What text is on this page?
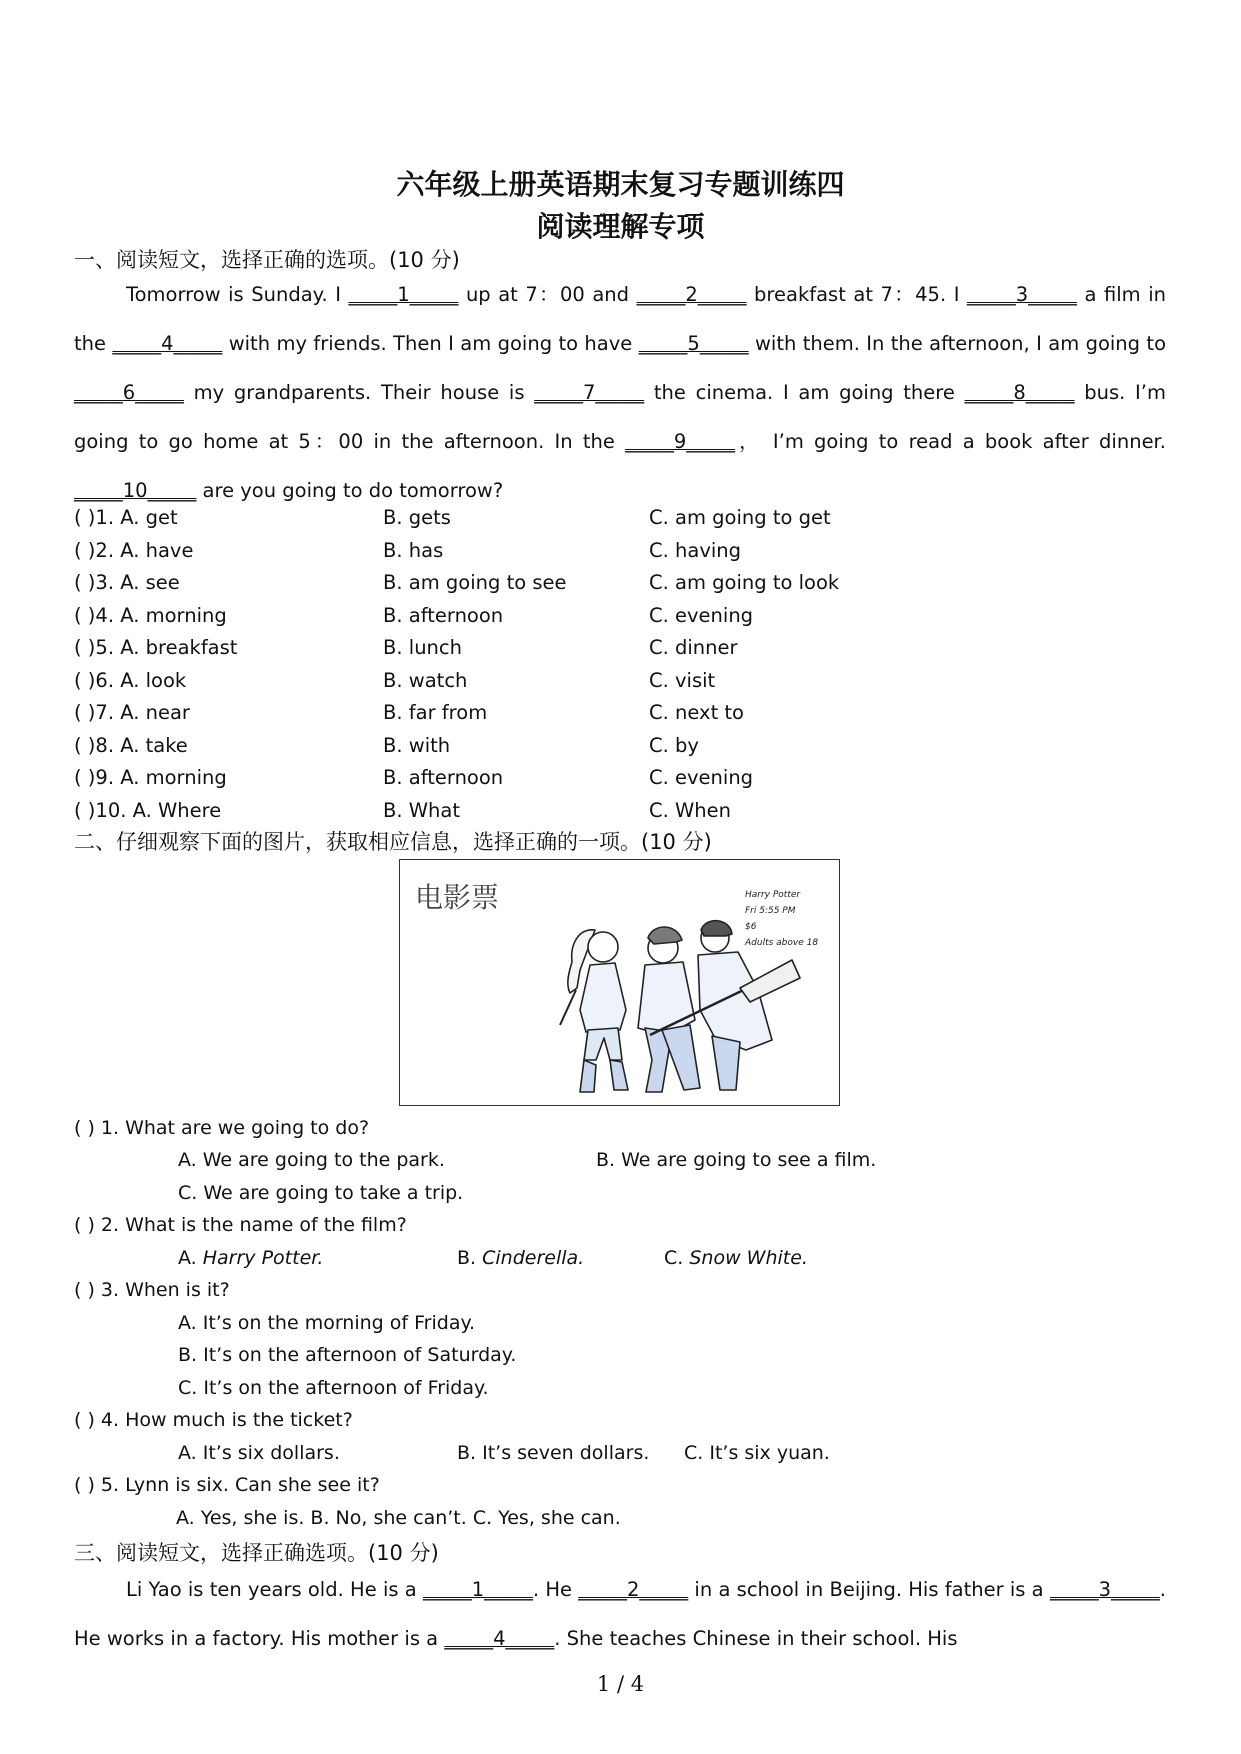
六年级上册英语期末复习专题训练四
阅读理解专项
一、阅读短文，选择正确的选项。(10 分)
Tomorrow is Sunday. I _____1_____ up at 7：00 and _____2_____ breakfast at 7：45. I _____3_____ a film in the _____4_____ with my friends. Then I am going to have _____5_____ with them. In the afternoon, I am going to _____6_____ my grandparents. Their house is _____7_____ the cinema. I am going there _____8_____ bus. I’m going to go home at 5：00 in the afternoon. In the _____9_____， I’m going to read a book after dinner. _____10_____ are you going to do tomorrow?
( )1. A. get	B. gets	C. am going to get
( )2. A. have	B. has	C. having
( )3. A. see	B. am going to see	C. am going to look
( )4. A. morning	B. afternoon	C. evening
( )5. A. breakfast	B. lunch	C. dinner
( )6. A. look	B. watch	C. visit
( )7. A. near	B. far from	C. next to
( )8. A. take	B. with	C. by
( )9. A. morning	B. afternoon	C. evening
( )10. A. Where	B. What	C. When
二、仔细观察下面的图片，获取相应信息，选择正确的一项。(10 分)
电影票	Harry Potter
Fri 5:55 PM
$6
Adults above 18
( ) 1. What are we going to do?
A. We are going to the park.	B. We are going to see a film.
C. We are going to take a trip.
( ) 2. What is the name of the film?
A. Harry Potter.	B. Cinderella.	C. Snow White.
( ) 3. When is it?
A. It’s on the morning of Friday.
B. It’s on the afternoon of Saturday.
C. It’s on the afternoon of Friday.
( ) 4. How much is the ticket?
A. It’s six dollars.	B. It’s seven dollars. C. It’s six yuan.
( ) 5. Lynn is six. Can she see it?
A. Yes, she is. B. No, she can’t. C. Yes, she can.
三、阅读短文，选择正确选项。(10 分)
Li Yao is ten years old. He is a _____1_____. He _____2_____ in a school in Beijing. His father is a _____3_____. He works in a factory. His mother is a _____4_____. She teaches Chinese in their school. His
1 / 4
